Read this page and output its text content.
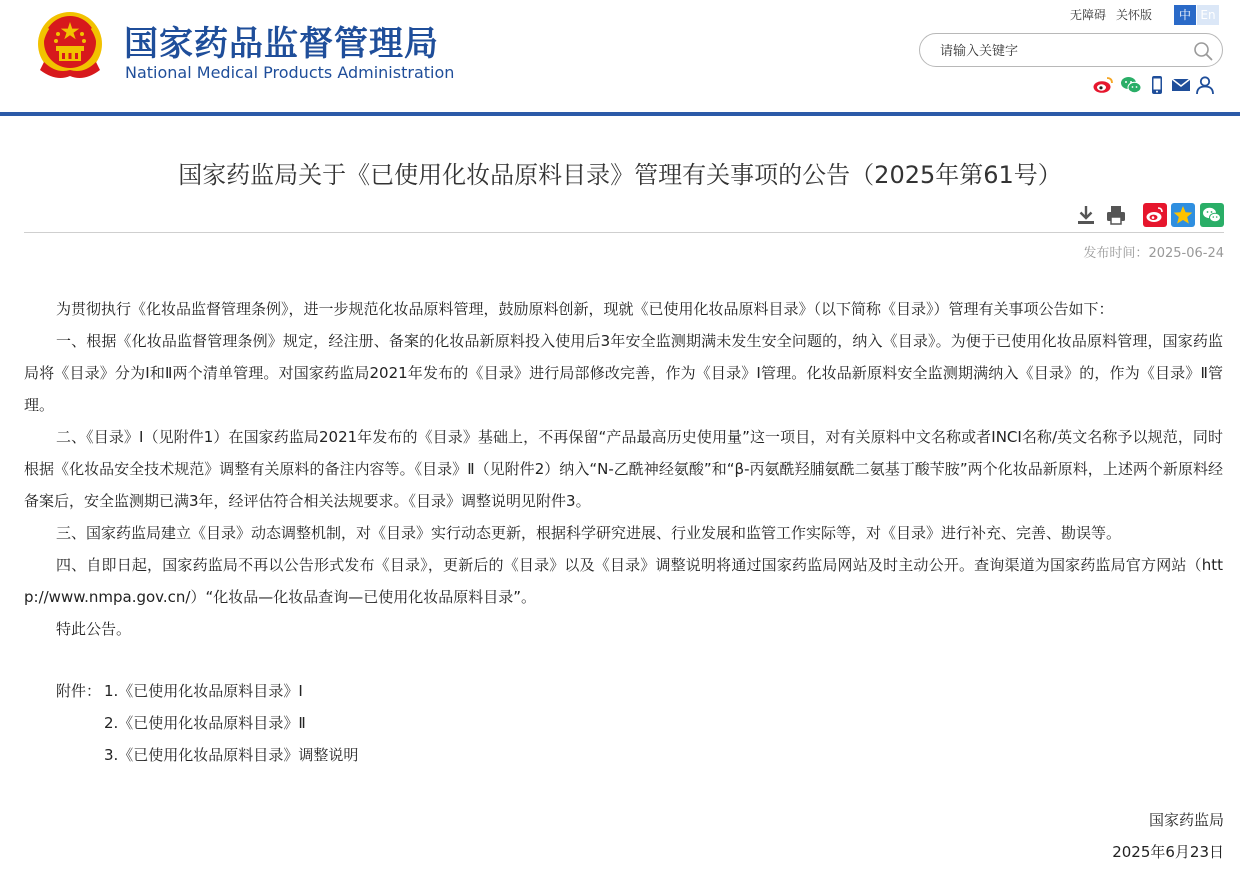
国家药品监督管理局
National Medical Products Administration
无障碍 关怀版	中 En
请输入关键字
国家药监局关于《已使用化妆品原料目录》管理有关事项的公告（2025年第61号）
发布时间：2025-06-24

为贯彻执行《化妆品监督管理条例》，进一步规范化妆品原料管理，鼓励原料创新，现就《已使用化妆品原料目录》（以下简称《目录》）管理有关事项公告如下：

一、根据《化妆品监督管理条例》规定，经注册、备案的化妆品新原料投入使用后3年安全监测期满未发生安全问题的，纳入《目录》。为便于已使用化妆品原料管理，国家药监局将《目录》分为Ⅰ和Ⅱ两个清单管理。对国家药监局2021年发布的《目录》进行局部修改完善，作为《目录》Ⅰ管理。化妆品新原料安全监测期满纳入《目录》的，作为《目录》Ⅱ管理。

二、《目录》Ⅰ（见附件1）在国家药监局2021年发布的《目录》基础上，不再保留“产品最高历史使用量”这一项目，对有关原料中文名称或者INCI名称/英文名称予以规范，同时根据《化妆品安全技术规范》调整有关原料的备注内容等。《目录》Ⅱ（见附件2）纳入“N-乙酰神经氨酸”和“β-丙氨酰羟脯氨酰二氨基丁酸苄胺”两个化妆品新原料，上述两个新原料经备案后，安全监测期已满3年，经评估符合相关法规要求。《目录》调整说明见附件3。

三、国家药监局建立《目录》动态调整机制，对《目录》实行动态更新，根据科学研究进展、行业发展和监管工作实际等，对《目录》进行补充、完善、勘误等。

四、自即日起，国家药监局不再以公告形式发布《目录》，更新后的《目录》以及《目录》调整说明将通过国家药监局网站及时主动公开。查询渠道为国家药监局官方网站（http://www.nmpa.gov.cn/）“化妆品—化妆品查询—已使用化妆品原料目录”。

特此公告。

附件： 1.《已使用化妆品原料目录》Ⅰ
2.《已使用化妆品原料目录》Ⅱ
3.《已使用化妆品原料目录》调整说明
国家药监局
2025年6月23日
